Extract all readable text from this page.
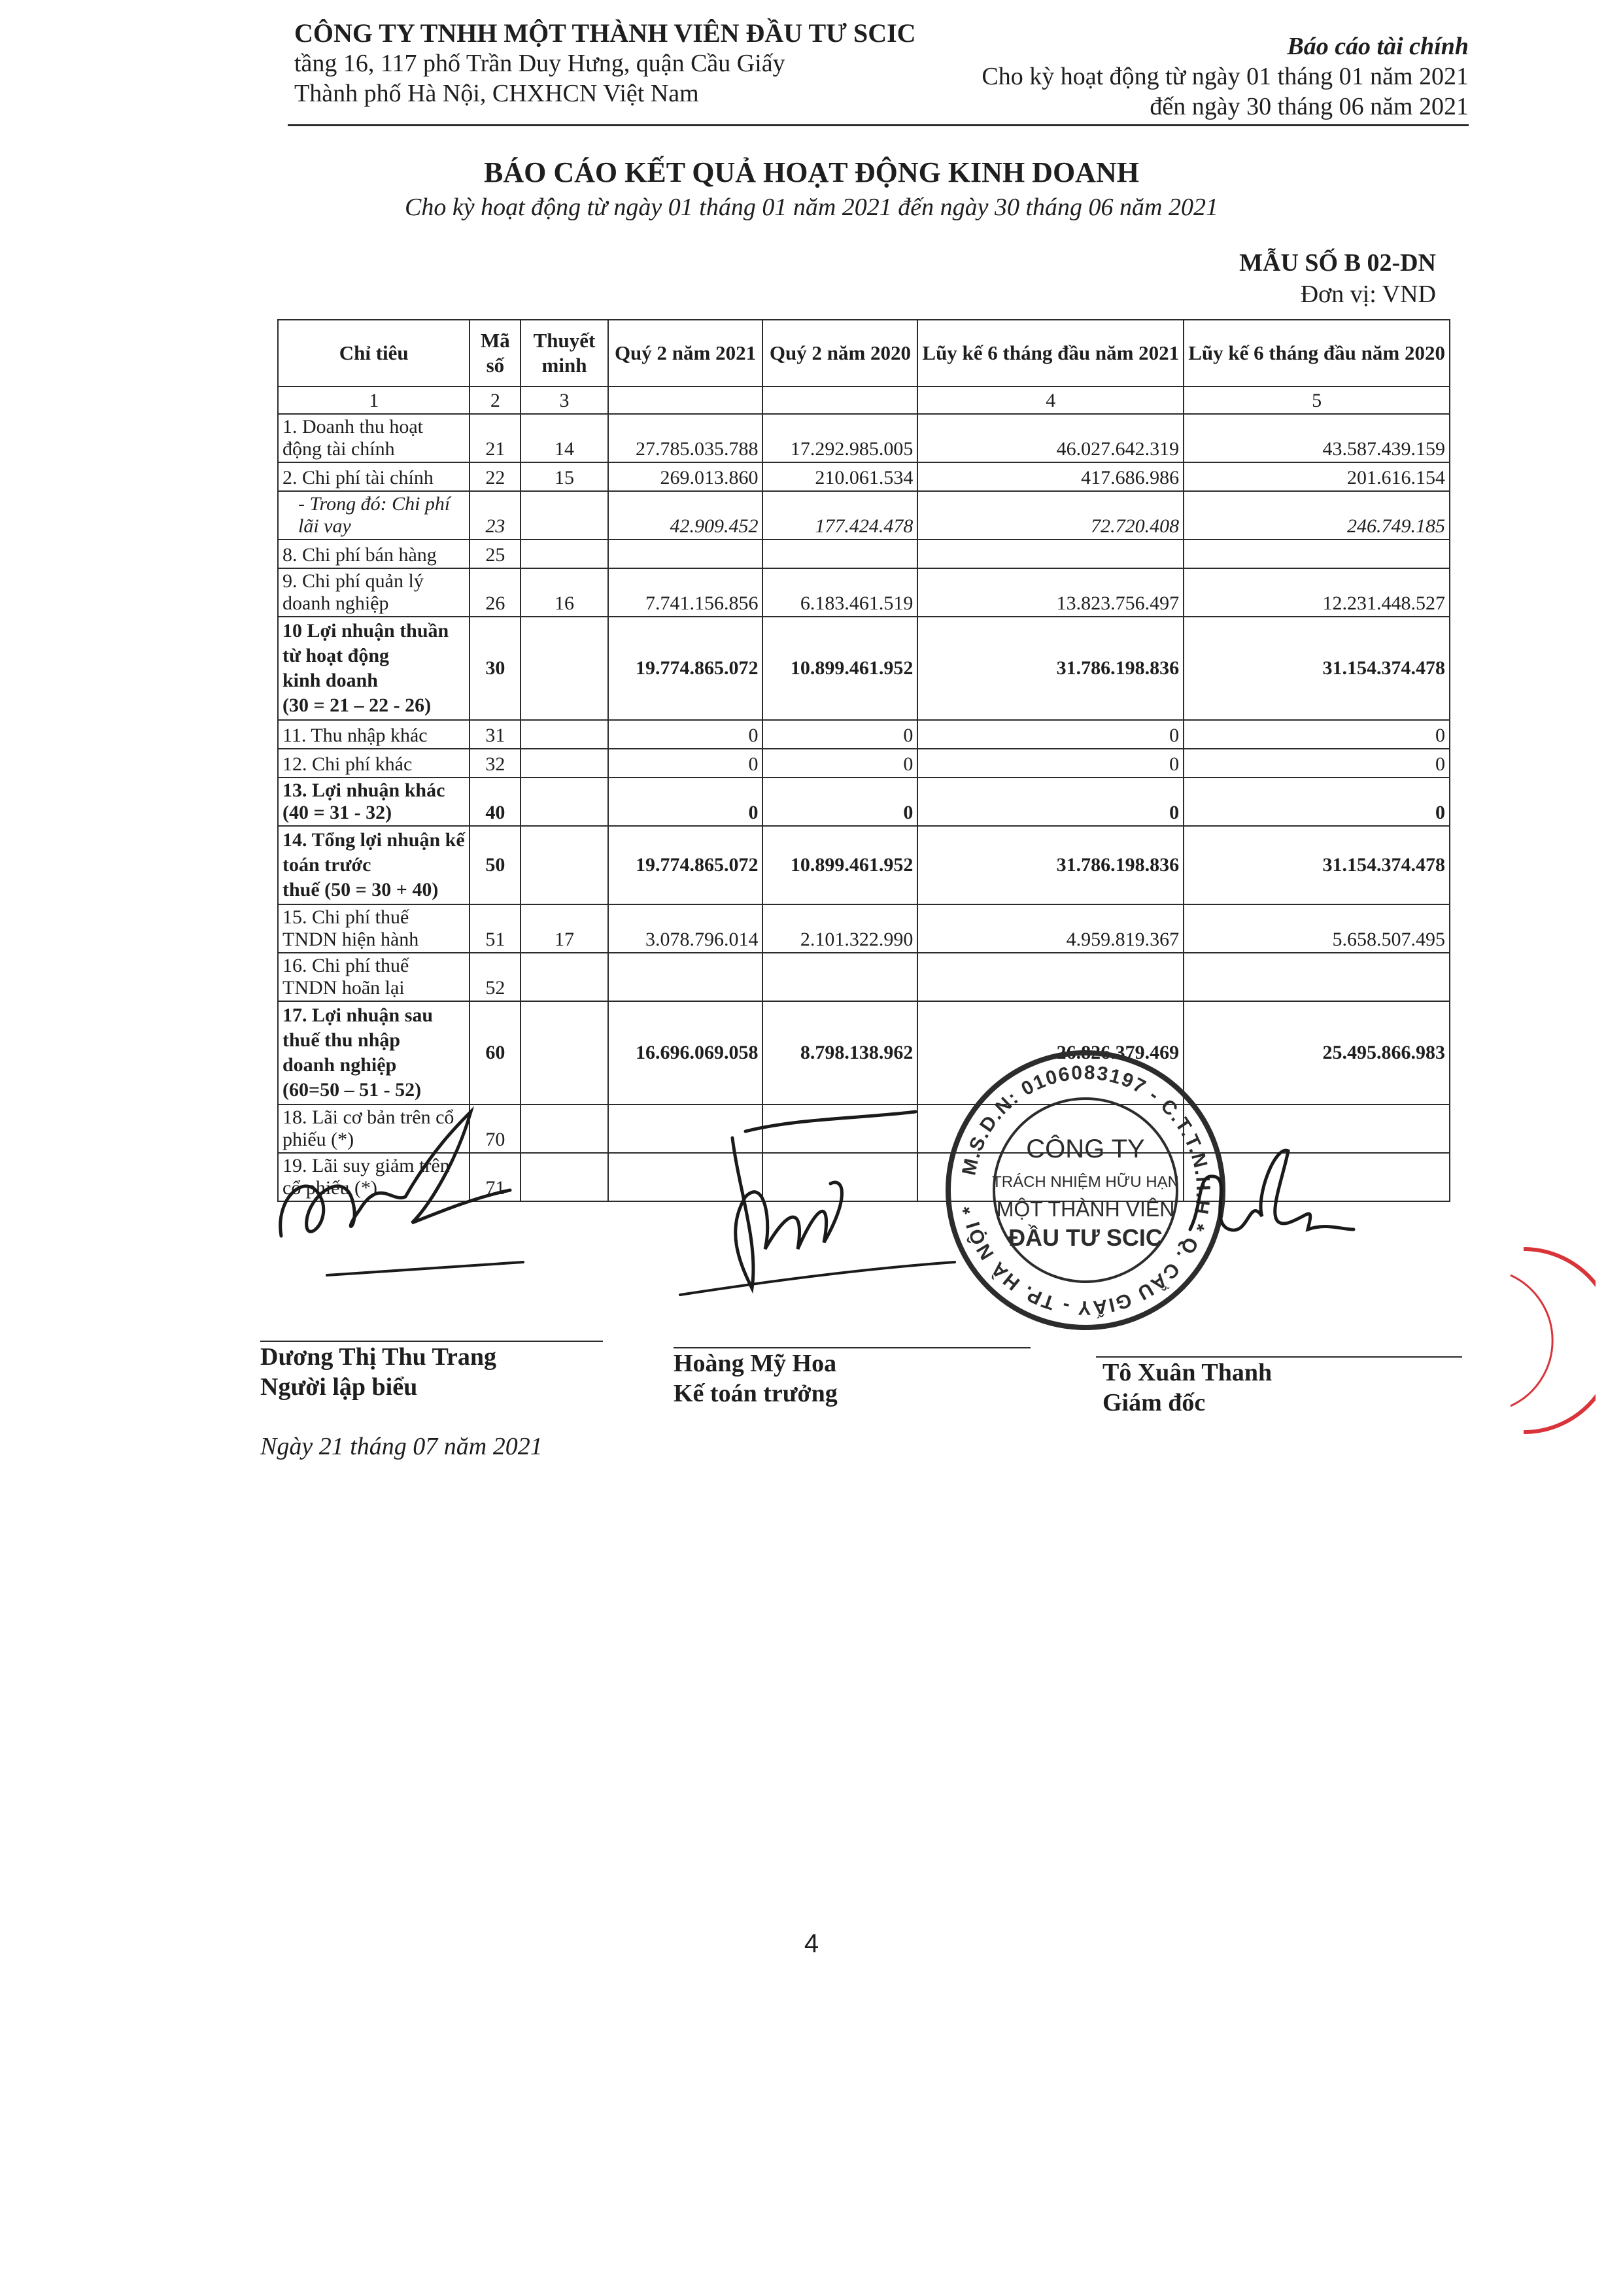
CÔNG TY TNHH MỘT THÀNH VIÊN ĐẦU TƯ SCIC
tầng 16, 117 phố Trần Duy Hưng, quận Cầu Giấy
Thành phố Hà Nội, CHXHCN Việt Nam
Báo cáo tài chính
Cho kỳ hoạt động từ ngày 01 tháng 01 năm 2021
đến ngày 30 tháng 06 năm 2021
BÁO CÁO KẾT QUẢ HOẠT ĐỘNG KINH DOANH
Cho kỳ hoạt động từ ngày 01 tháng 01 năm 2021 đến ngày 30 tháng 06 năm 2021
MẪU SỐ B 02-DN
Đơn vị: VND
Chỉ tiêu	Mã số	Thuyết minh	Quý 2 năm 2021	Quý 2 năm 2020	Lũy kế 6 tháng đầu năm 2021	Lũy kế 6 tháng đầu năm 2020
1	2	3			4	5
1. Doanh thu hoạt động tài chính	21	14	27.785.035.788	17.292.985.005	46.027.642.319	43.587.439.159
2. Chi phí tài chính	22	15	269.013.860	210.061.534	417.686.986	201.616.154
- Trong đó: Chi phí lãi vay	23		42.909.452	177.424.478	72.720.408	246.749.185
8. Chi phí bán hàng	25					
9. Chi phí quản lý doanh nghiệp	26	16	7.741.156.856	6.183.461.519	13.823.756.497	12.231.448.527

10 Lợi nhuận thuần từ hoạt động
kinh doanh
(30 = 21 – 22 - 26)	30		19.774.865.072	10.899.461.952	31.786.198.836	31.154.374.478
11. Thu nhập khác	31		0	0	0	0
12. Chi phí khác	32		0	0	0	0
13. Lợi nhuận khác (40 = 31 - 32)	40		0	0	0	0

14. Tổng lợi nhuận kế toán trước
thuế (50 = 30 + 40)	50		19.774.865.072	10.899.461.952	31.786.198.836	31.154.374.478
15. Chi phí thuế TNDN hiện hành	51	17	3.078.796.014	2.101.322.990	4.959.819.367	5.658.507.495
16. Chi phí thuế TNDN hoãn lại	52					

17. Lợi nhuận sau thuế thu nhập
doanh nghiệp
(60=50 – 51 - 52)	60		16.696.069.058	8.798.138.962	26.826.379.469	25.495.866.983
18. Lãi cơ bản trên cổ phiếu (*)	70					
19. Lãi suy giảm trên cổ phiếu (*)	71					
M.S.D.N: 0106083197 - C.T.T.N.H.H * Q. CẦU GIẤY - TP. HÀ NỘI *
CÔNG TY
TRÁCH NHIỆM HỮU HẠN
MỘT THÀNH VIÊN
ĐẦU TƯ SCIC
Dương Thị Thu Trang
Người lập biểu
Hoàng Mỹ Hoa
Kế toán trưởng
Tô Xuân Thanh
Giám đốc
Ngày 21 tháng 07 năm 2021
4
